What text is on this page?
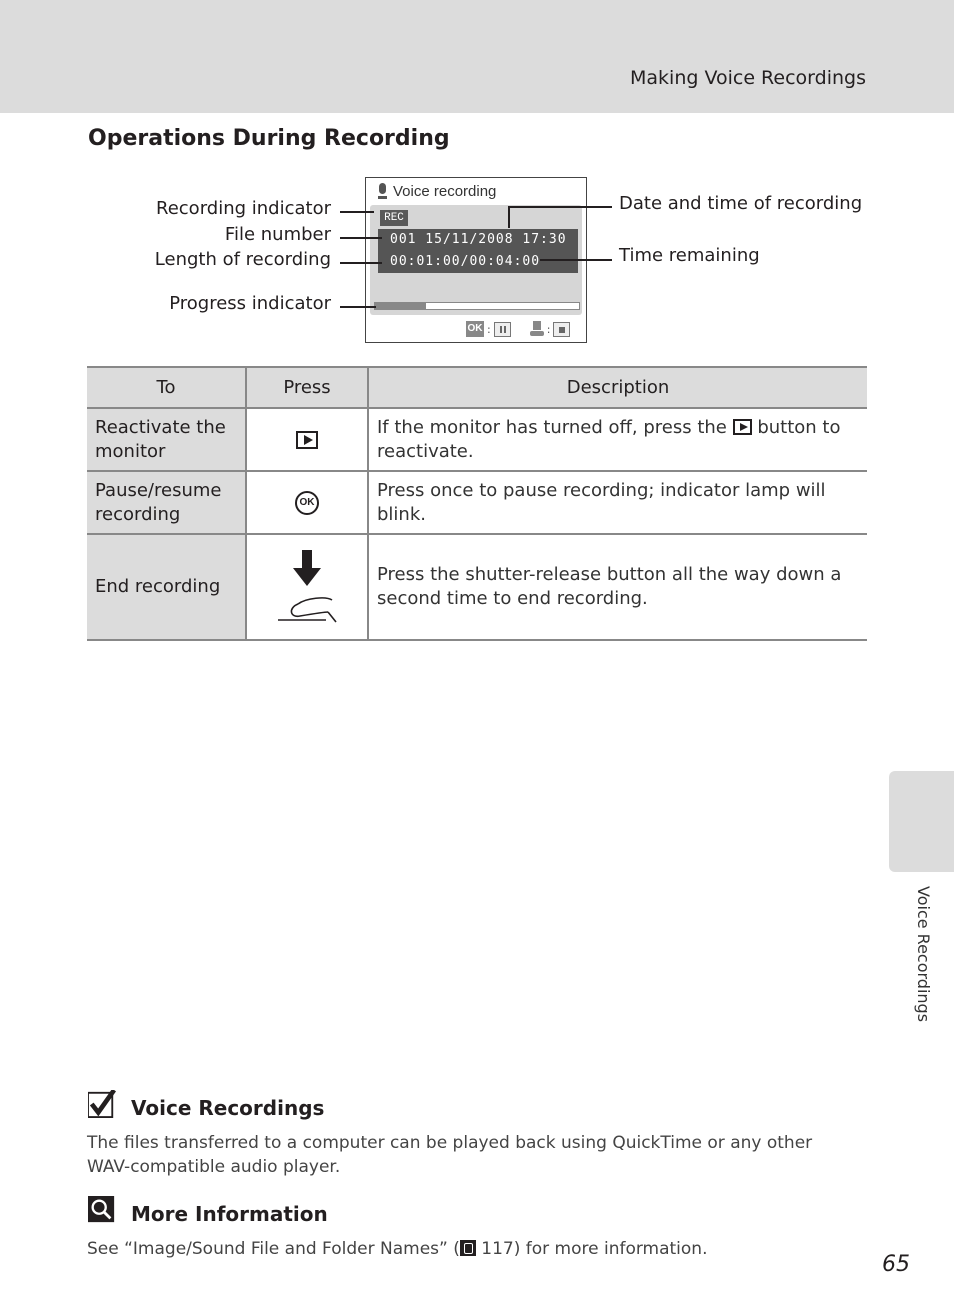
Making Voice Recordings
Operations During Recording
Voice recording
REC
001 15/11/2008 17:30
00:01:00/00:04:00
OK :	:
Recording indicator
File number
Length of recording
Progress indicator
Date and time of recording
Time remaining
To	Press	Description
Reactivate the monitor		If the monitor has turned off, press the button to reactivate.
Pause/resume recording	OK	Press once to pause recording; indicator lamp will blink.
End recording		Press the shutter-release button all the way down a second time to end recording.
Voice Recordings
The files transferred to a computer can be played back using QuickTime or any other WAV-compatible audio player.
More Information
See “Image/Sound File and Folder Names” ( 117) for more information.
Voice Recordings
65
